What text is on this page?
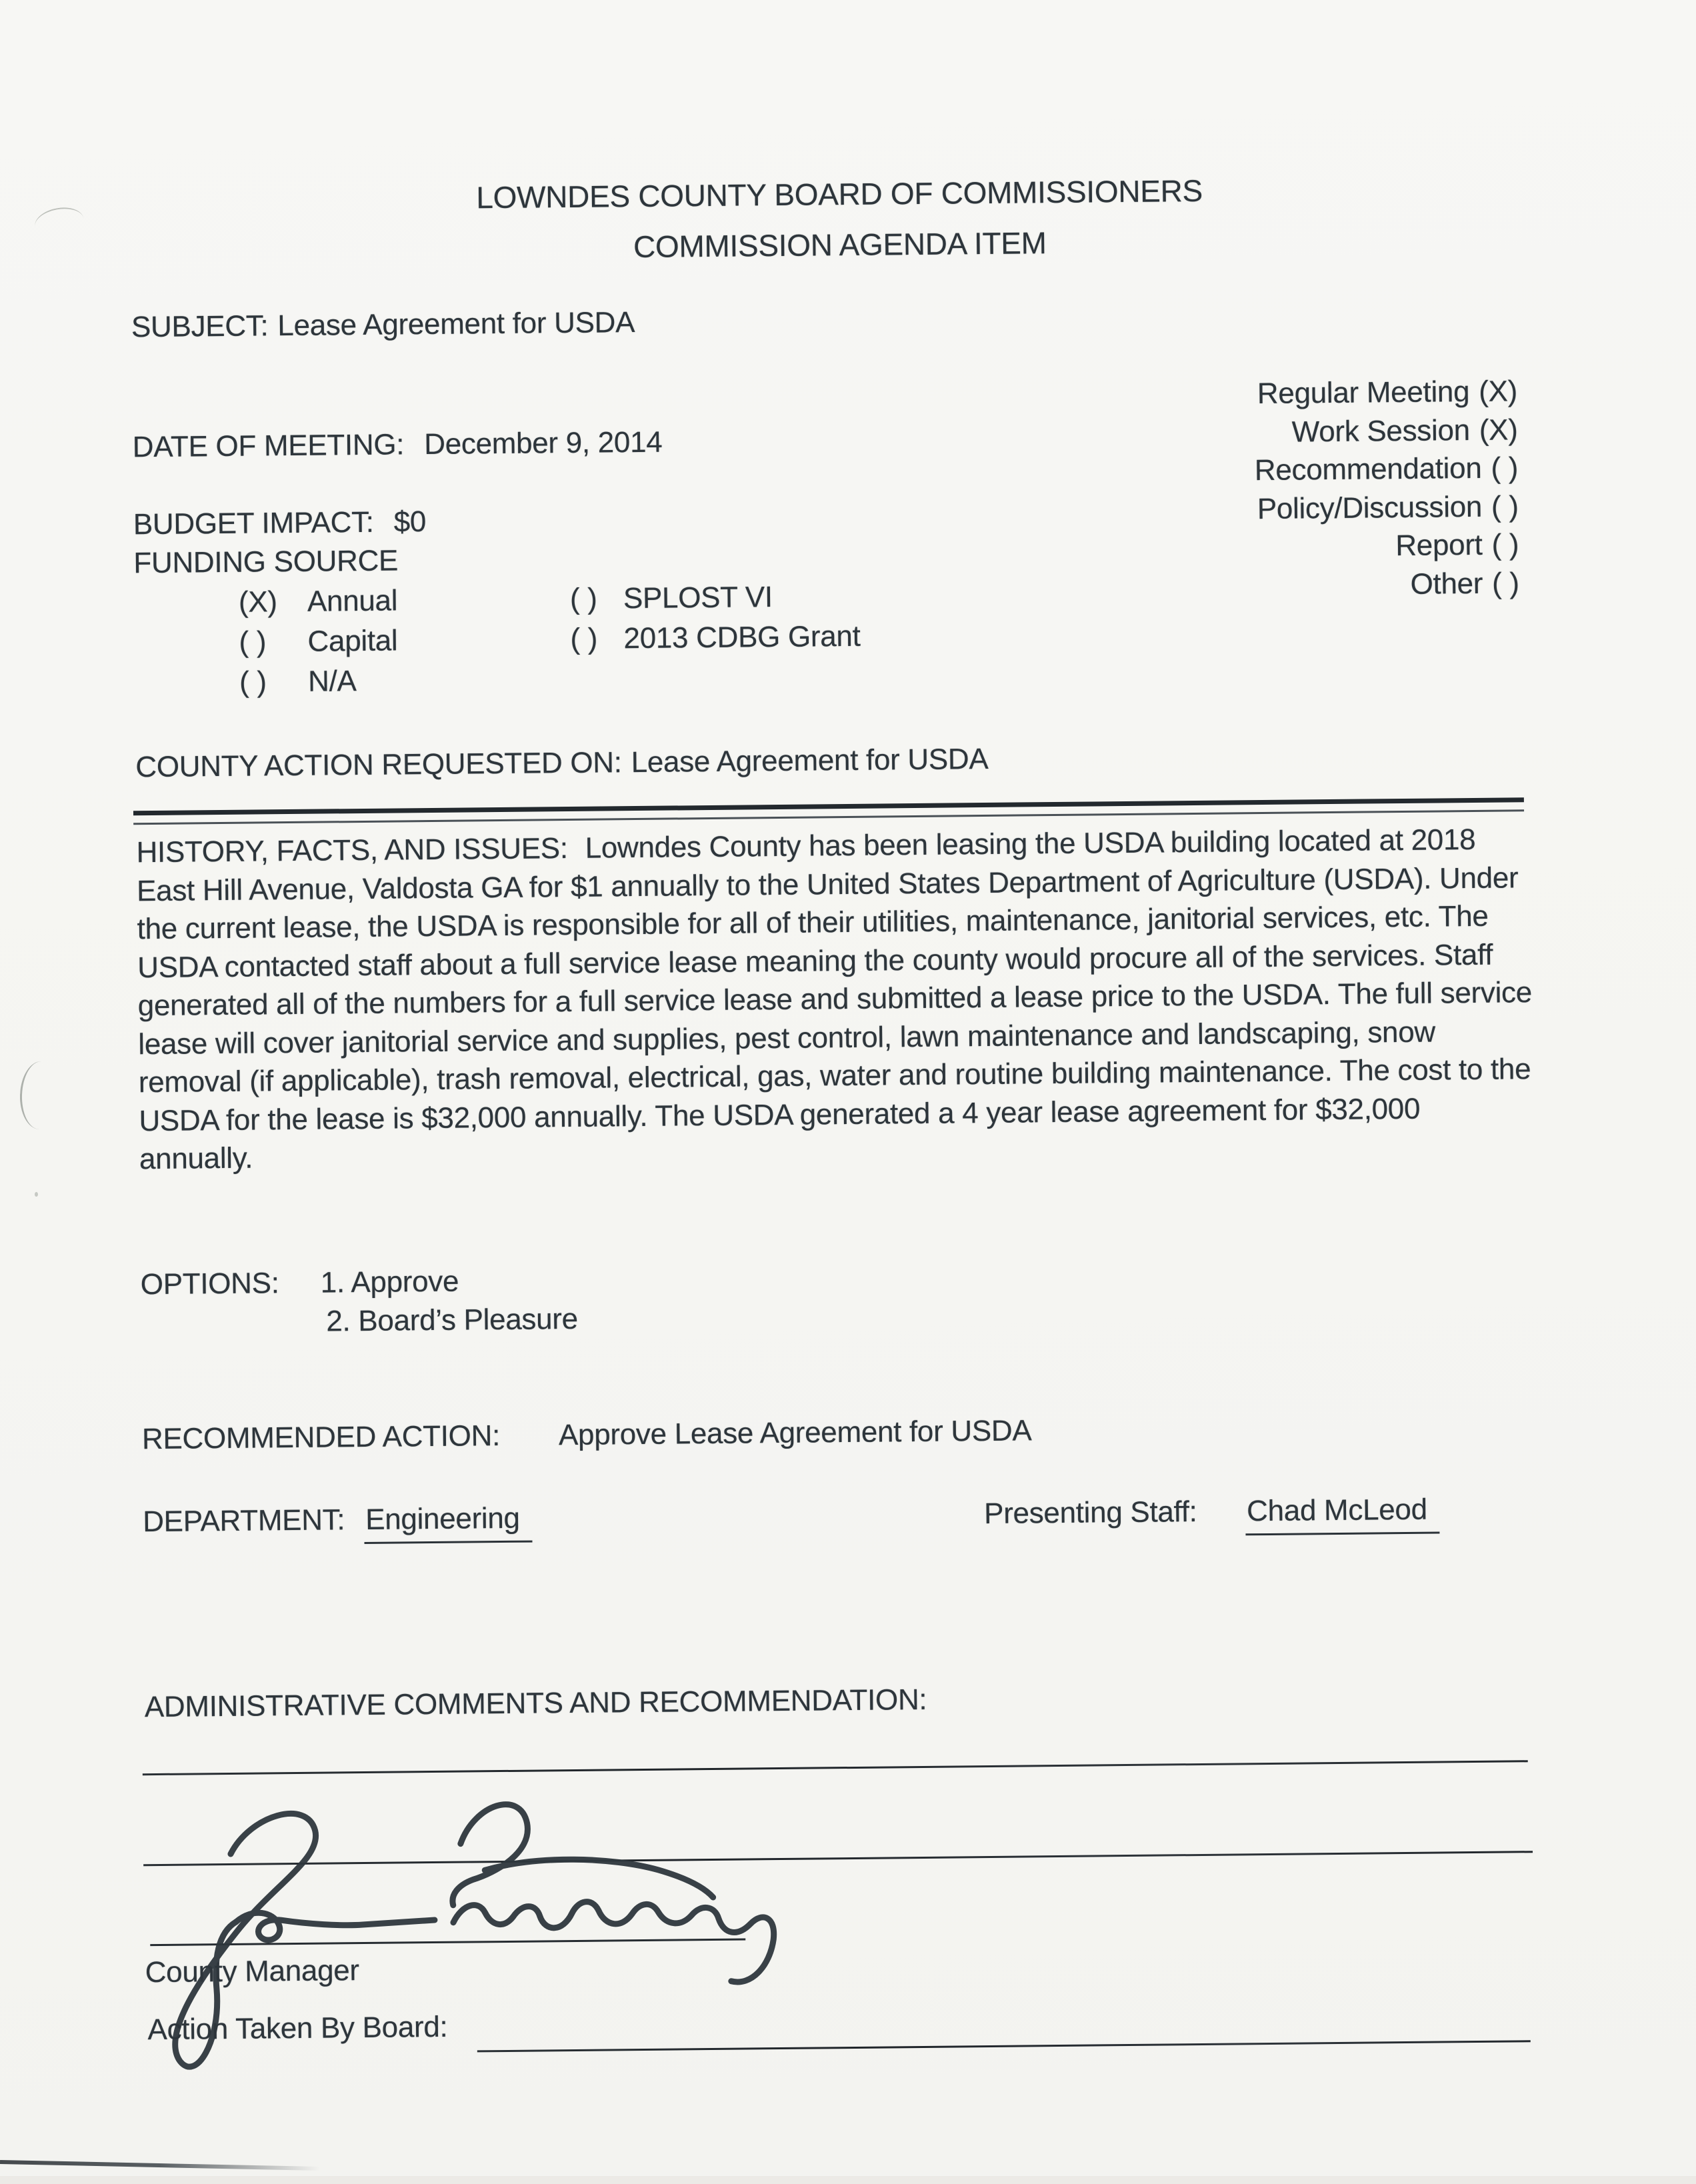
LOWNDES COUNTY BOARD OF COMMISSIONERS
COMMISSION AGENDA ITEM
SUBJECT: Lease Agreement for USDA
Regular Meeting (X)
Work Session (X)
Recommendation ( )
Policy/Discussion ( )
Report ( )
Other ( )
DATE OF MEETING: December 9, 2014
BUDGET IMPACT: $0
FUNDING SOURCE
(X) Annual	( ) SPLOST VI
( ) Capital	( ) 2013 CDBG Grant
( ) N/A
COUNTY ACTION REQUESTED ON: Lease Agreement for USDA
HISTORY, FACTS, AND ISSUES: Lowndes County has been leasing the USDA building located at 2018 East Hill Avenue, Valdosta GA for $1 annually to the United States Department of Agriculture (USDA). Under the current lease, the USDA is responsible for all of their utilities, maintenance, janitorial services, etc. The USDA contacted staff about a full service lease meaning the county would procure all of the services. Staff generated all of the numbers for a full service lease and submitted a lease price to the USDA. The full service lease will cover janitorial service and supplies, pest control, lawn maintenance and landscaping, snow removal (if applicable), trash removal, electrical, gas, water and routine building maintenance. The cost to the USDA for the lease is $32,000 annually. The USDA generated a 4 year lease agreement for $32,000 annually.
OPTIONS: 1. Approve
2. Board’s Pleasure
RECOMMENDED ACTION: Approve Lease Agreement for USDA
DEPARTMENT: Engineering	Presenting Staff: Chad McLeod
ADMINISTRATIVE COMMENTS AND RECOMMENDATION:
County Manager
Action Taken By Board:
